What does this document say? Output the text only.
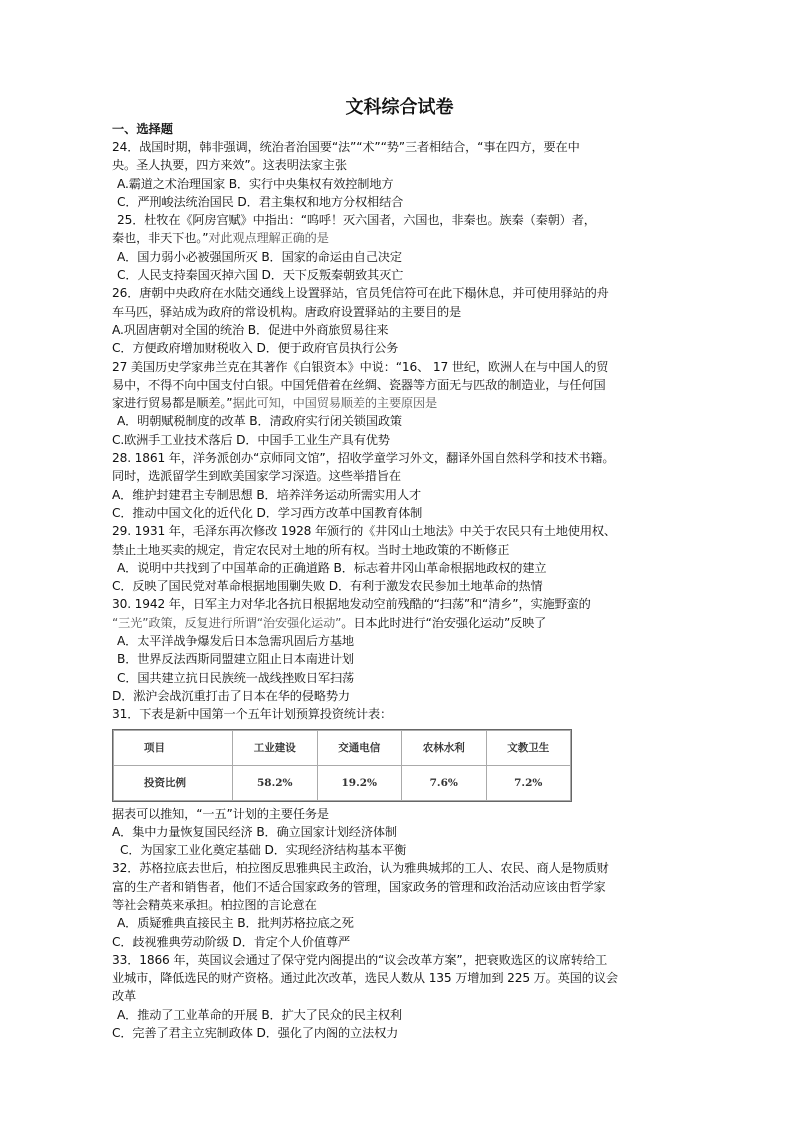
文科综合试卷
一、选择题
24．战国时期，韩非强调，统治者治国要“法”“术”“势”三者相结合，“事在四方，要在中
央。圣人执要，四方来效”。这表明法家主张
A.霸道之术治理国家 B．实行中央集权有效控制地方
C．严刑峻法统治国民 D．君主集权和地方分权相结合
25．杜牧在《阿房宫赋》中指出：“呜呼！灭六国者，六国也，非秦也。族秦（秦朝）者，
秦也，非天下也。”对此观点理解正确的是
A．国力弱小必被强国所灭 B．国家的命运由自己决定
C．人民支持秦国灭掉六国 D．天下反叛秦朝致其灭亡
26．唐朝中央政府在水陆交通线上设置驿站，官员凭信符可在此下榻休息，并可使用驿站的舟
车马匹，驿站成为政府的常设机构。唐政府设置驿站的主要目的是
A.巩固唐朝对全国的统治 B．促进中外商旅贸易往来
C．方便政府增加财税收入 D．便于政府官员执行公务
27 美国历史学家弗兰克在其著作《白银资本》中说：“16、 17 世纪，欧洲人在与中国人的贸
易中，不得不向中国支付白银。中国凭借着在丝绸、瓷器等方面无与匹敌的制造业，与任何国
家进行贸易都是顺差。”据此可知，中国贸易顺差的主要原因是
A．明朝赋税制度的改革 B．清政府实行闭关锁国政策
C.欧洲手工业技术落后 D．中国手工业生产具有优势
28. 1861 年，洋务派创办“京师同文馆”，招收学童学习外文，翻译外国自然科学和技术书籍。
同时，选派留学生到欧美国家学习深造。这些举措旨在
A．维护封建君主专制思想 B．培养洋务运动所需实用人才
C．推动中国文化的近代化 D．学习西方改革中国教育体制
29. 1931 年，毛泽东再次修改 1928 年颁行的《井冈山土地法》中关于农民只有土地使用权、
禁止土地买卖的规定，肯定农民对土地的所有权。当时土地政策的不断修正
A．说明中共找到了中国革命的正确道路 B．标志着井冈山革命根据地政权的建立
C．反映了国民党对革命根据地围剿失败 D．有利于激发农民参加土地革命的热情
30. 1942 年，日军主力对华北各抗日根据地发动空前残酷的“扫荡”和“清乡”，实施野蛮的
“三光”政策，反复进行所谓“治安强化运动”。日本此时进行“治安强化运动”反映了
A．太平洋战争爆发后日本急需巩固后方基地
B．世界反法西斯同盟建立阻止日本南进计划
C．国共建立抗日民族统一战线挫败日军扫荡
D．淞沪会战沉重打击了日本在华的侵略势力
31．下表是新中国第一个五年计划预算投资统计表：
项目	工业建设	交通电信	农林水利	文教卫生
投资比例	58.2%	19.2%	7.6%	7.2%
据表可以推知，“一五”计划的主要任务是
A．集中力量恢复国民经济 B．确立国家计划经济体制
C．为国家工业化奠定基础 D．实现经济结构基本平衡
32．苏格拉底去世后，柏拉图反思雅典民主政治，认为雅典城邦的工人、农民、商人是物质财
富的生产者和销售者，他们不适合国家政务的管理，国家政务的管理和政治活动应该由哲学家
等社会精英来承担。柏拉图的言论意在
A．质疑雅典直接民主 B．批判苏格拉底之死
C．歧视雅典劳动阶级 D．肯定个人价值尊严
33．1866 年，英国议会通过了保守党内阁提出的“议会改革方案”，把衰败选区的议席转给工
业城市，降低选民的财产资格。通过此次改革，选民人数从 135 万增加到 225 万。英国的议会
改革
A．推动了工业革命的开展 B．扩大了民众的民主权利
C．完善了君主立宪制政体 D．强化了内阁的立法权力
